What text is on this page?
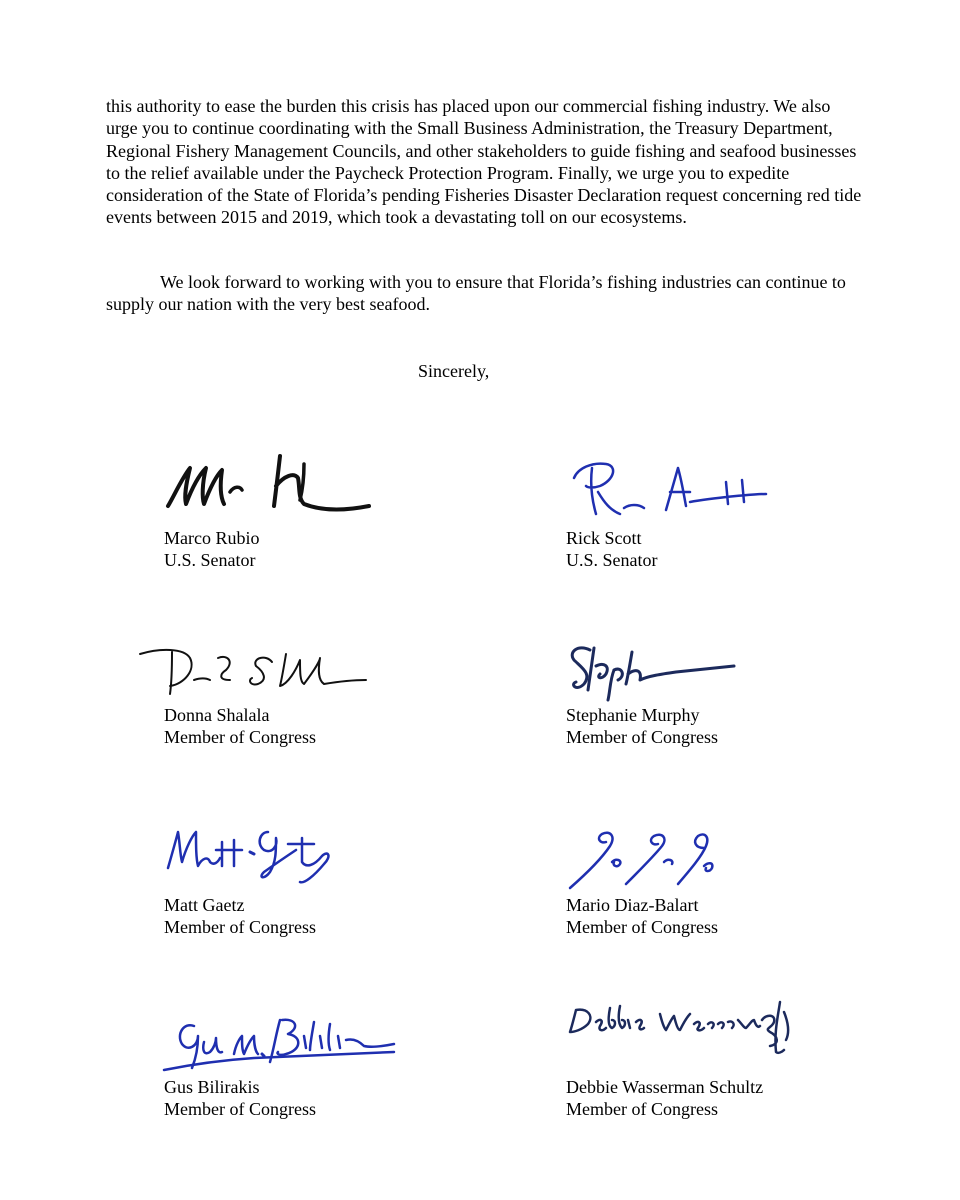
this authority to ease the burden this crisis has placed upon our commercial fishing industry. We also urge you to continue coordinating with the Small Business Administration, the Treasury Department, Regional Fishery Management Councils, and other stakeholders to guide fishing and seafood businesses to the relief available under the Paycheck Protection Program. Finally, we urge you to expedite consideration of the State of Florida’s pending Fisheries Disaster Declaration request concerning red tide events between 2015 and 2019, which took a devastating toll on our ecosystems.

We look forward to working with you to ensure that Florida’s fishing industries can continue to supply our nation with the very best seafood.

Sincerely,

Marco Rubio
U.S. Senator
Rick Scott
U.S. Senator
Donna Shalala
Member of Congress
Stephanie Murphy
Member of Congress
Matt Gaetz
Member of Congress
Mario Diaz-Balart
Member of Congress
Gus Bilirakis
Member of Congress
Debbie Wasserman Schultz
Member of Congress
